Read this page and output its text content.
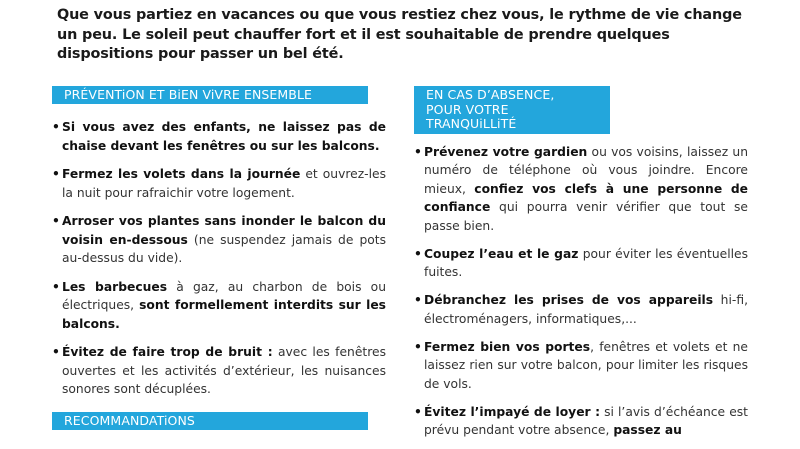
Que vous partiez en vacances ou que vous restiez chez vous, le rythme de vie change un peu. Le soleil peut chauffer fort et il est souhaitable de prendre quelques dispositions pour passer un bel été.
PRÉVENTiON ET BiEN ViVRE ENSEMBLE
• Si vous avez des enfants, ne laissez pas de chaise devant les fenêtres ou sur les balcons.
• Fermez les volets dans la journée et ouvrez-les la nuit pour rafraichir votre logement.
• Arroser vos plantes sans inonder le balcon du voisin en-dessous (ne suspendez jamais de pots au-dessus du vide).
• Les barbecues à gaz, au charbon de bois ou électriques, sont formellement interdits sur les balcons.
• Évitez de faire trop de bruit : avec les fenêtres ouvertes et les activités d’extérieur, les nuisances sonores sont décuplées.
RECOMMANDATiONS
EN CAS D’ABSENCE,
POUR VOTRE TRANQUiLLiTÉ
• Prévenez votre gardien ou vos voisins, laissez un numéro de téléphone où vous joindre. Encore mieux, confiez vos clefs à une personne de confiance qui pourra venir vérifier que tout se passe bien.
• Coupez l’eau et le gaz pour éviter les éventuelles fuites.
• Débranchez les prises de vos appareils hi-fi, électroménagers, informatiques,...
• Fermez bien vos portes, fenêtres et volets et ne laissez rien sur votre balcon, pour limiter les risques de vols.
• Évitez l’impayé de loyer : si l’avis d’échéance est prévu pendant votre absence, passez au
